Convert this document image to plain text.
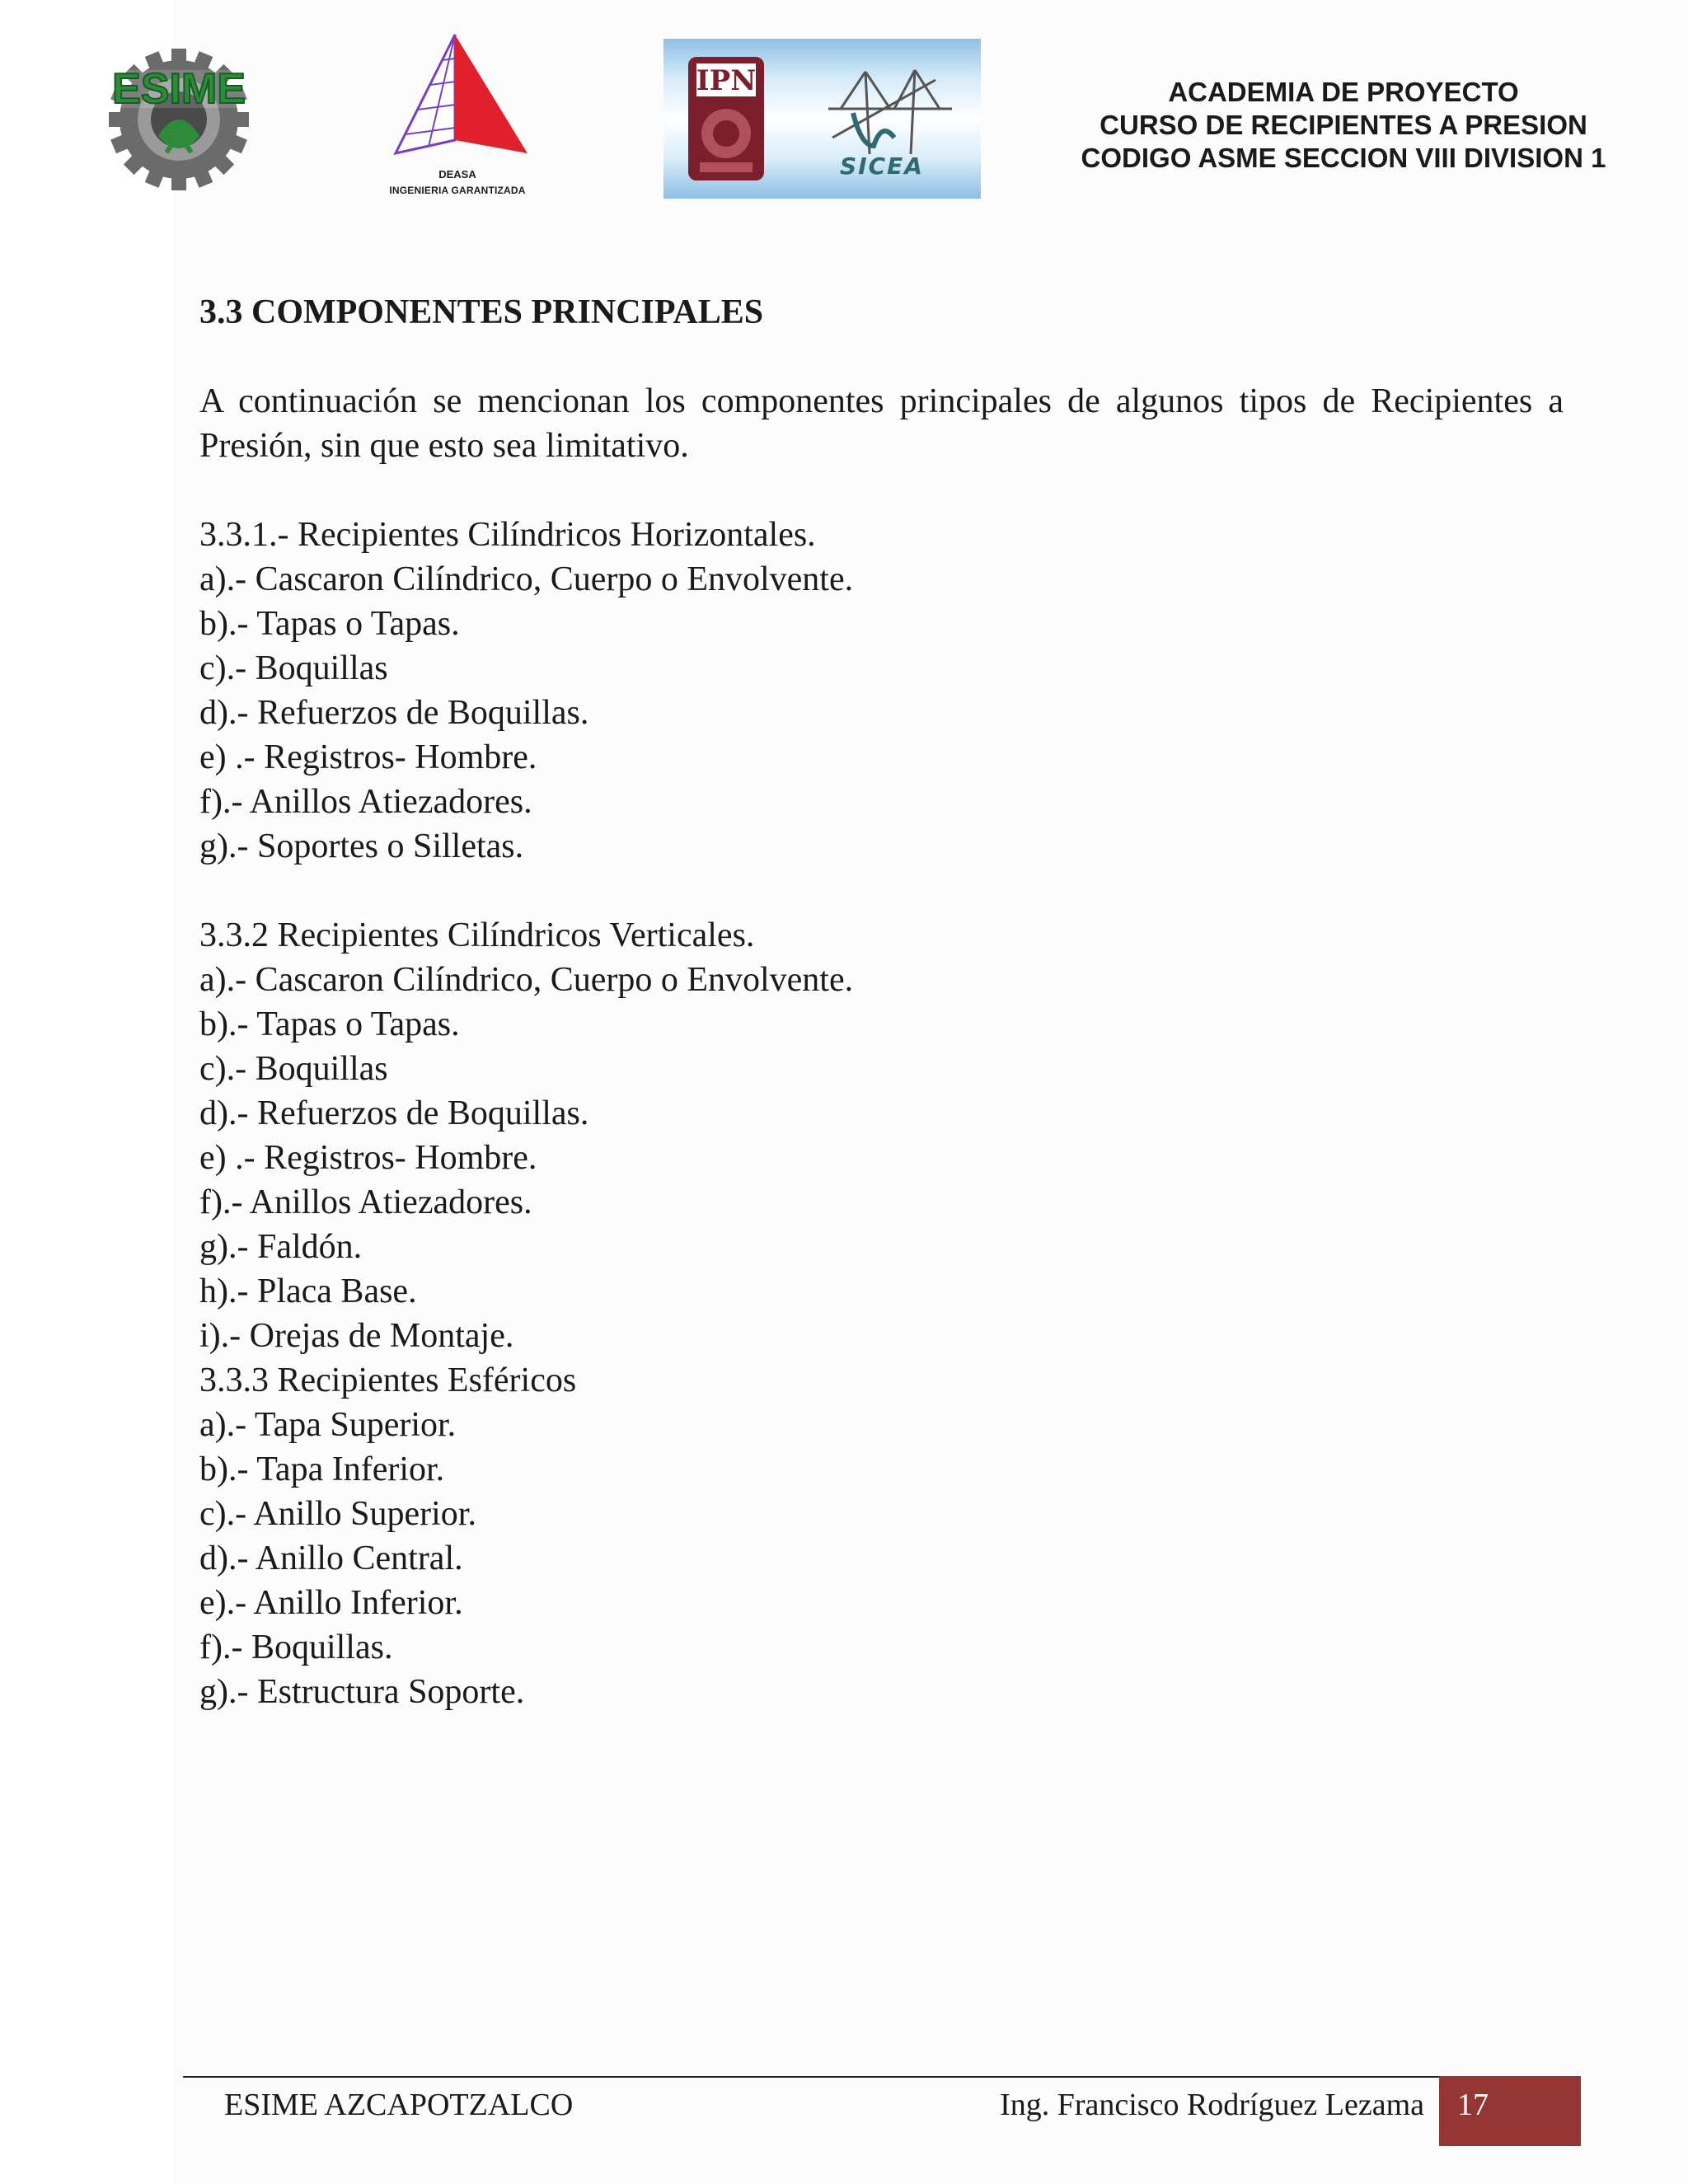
ESIME
DEASA
INGENIERIA GARANTIZADA
IPN
SICEA
ACADEMIA DE PROYECTO
CURSO DE RECIPIENTES A PRESION
CODIGO ASME SECCION VIII DIVISION 1
3.3 COMPONENTES PRINCIPALES

A continuación se mencionan los componentes principales de algunos tipos de Recipientes a Presión, sin que esto sea limitativo.

3.3.1.- Recipientes Cilíndricos Horizontales.
a).- Cascaron Cilíndrico, Cuerpo o Envolvente.
b).- Tapas o Tapas.
c).- Boquillas
d).- Refuerzos de Boquillas.
e) .- Registros- Hombre.
f).- Anillos Atiezadores.
g).- Soportes o Silletas.
3.3.2 Recipientes Cilíndricos Verticales.
a).- Cascaron Cilíndrico, Cuerpo o Envolvente.
b).- Tapas o Tapas.
c).- Boquillas
d).- Refuerzos de Boquillas.
e) .- Registros- Hombre.
f).- Anillos Atiezadores.
g).- Faldón.
h).- Placa Base.
i).- Orejas de Montaje.
3.3.3 Recipientes Esféricos
a).- Tapa Superior.
b).- Tapa Inferior.
c).- Anillo Superior.
d).- Anillo Central.
e).- Anillo Inferior.
f).- Boquillas.
g).- Estructura Soporte.
ESIME AZCAPOTZALCO	Ing. Francisco Rodríguez Lezama 17
